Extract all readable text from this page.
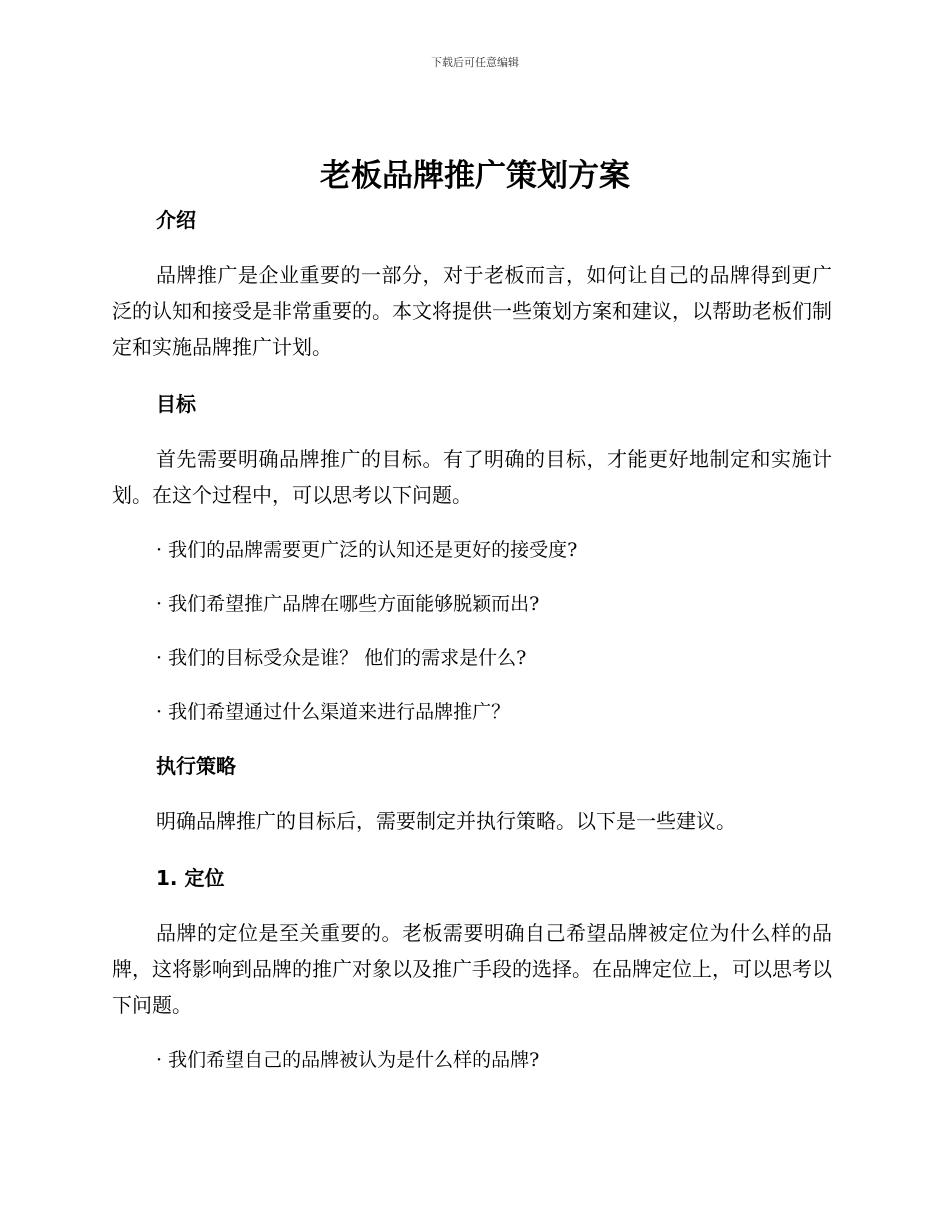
下载后可任意编辑
老板品牌推广策划方案
介绍

品牌推广是企业重要的一部分，对于老板而言，如何让自己的品牌得到更广泛的认知和接受是非常重要的。本文将提供一些策划方案和建议，以帮助老板们制定和实施品牌推广计划。

目标

首先需要明确品牌推广的目标。有了明确的目标，才能更好地制定和实施计划。在这个过程中，可以思考以下问题。

· 我们的品牌需要更广泛的认知还是更好的接受度?

· 我们希望推广品牌在哪些方面能够脱颖而出?

· 我们的目标受众是谁？ 他们的需求是什么?

· 我们希望通过什么渠道来进行品牌推广？

执行策略

明确品牌推广的目标后，需要制定并执行策略。以下是一些建议。

1. 定位

品牌的定位是至关重要的。老板需要明确自己希望品牌被定位为什么样的品牌，这将影响到品牌的推广对象以及推广手段的选择。在品牌定位上，可以思考以下问题。

· 我们希望自己的品牌被认为是什么样的品牌?
